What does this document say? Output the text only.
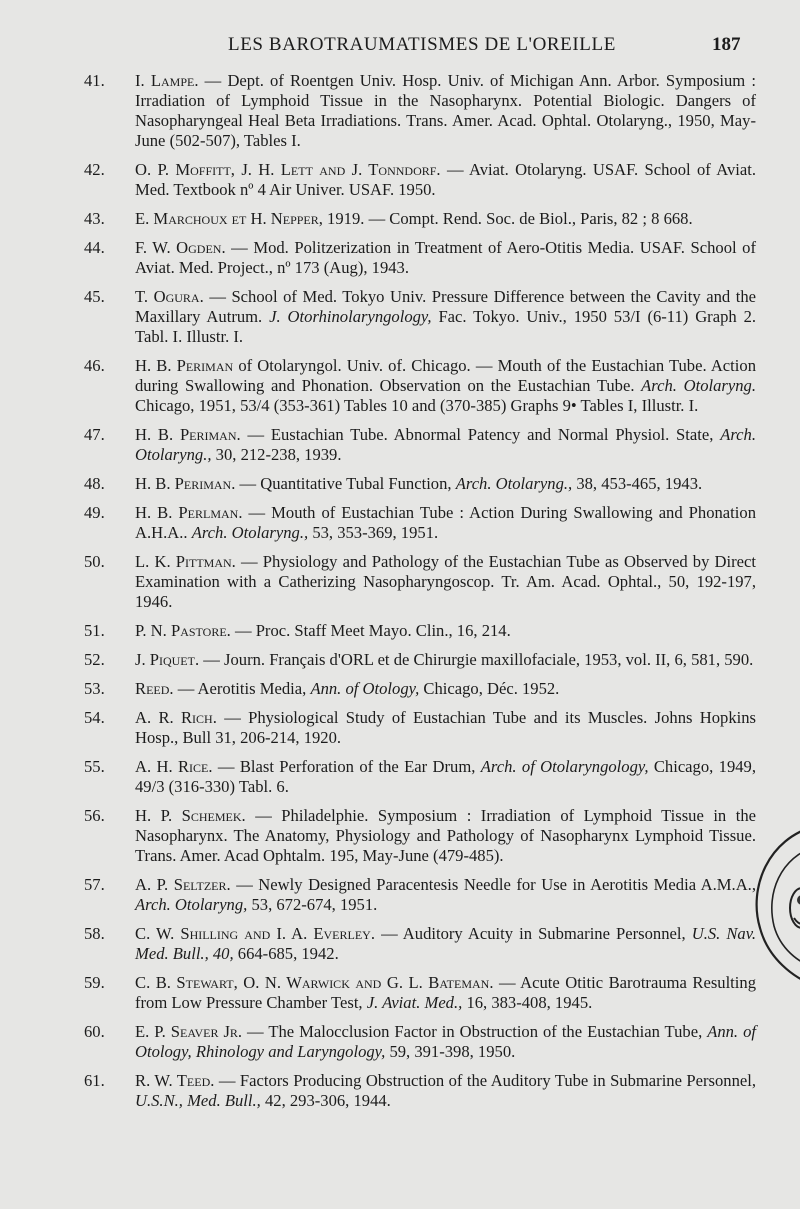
LES BAROTRAUMATISMES DE L'OREILLE	187
41. I. Lampe. — Dept. of Roentgen Univ. Hosp. Univ. of Michigan Ann. Arbor. Symposium : Irradiation of Lymphoid Tissue in the Nasopharynx. Potential Biologic. Dangers of Nasopharyngeal Heal Beta Irradiations. Trans. Amer. Acad. Ophtal. Otolaryng., 1950, May-June (502-507), Tables I.
42. O. P. Moffitt, J. H. Lett and J. Tonndorf. — Aviat. Otolaryng. USAF. School of Aviat. Med. Textbook nº 4 Air Univer. USAF. 1950.
43. E. Marchoux et H. Nepper, 1919. — Compt. Rend. Soc. de Biol., Paris, 82 ; 8 668.
44. F. W. Ogden. — Mod. Politzerization in Treatment of Aero-Otitis Media. USAF. School of Aviat. Med. Project., nº 173 (Aug), 1943.
45. T. Ogura. — School of Med. Tokyo Univ. Pressure Difference between the Cavity and the Maxillary Autrum. J. Otorhinolaryngology, Fac. Tokyo. Univ., 1950 53/I (6-11) Graph 2. Tabl. I. Illustr. I.
46. H. B. Periman of Otolaryngol. Univ. of. Chicago. — Mouth of the Eustachian Tube. Action during Swallowing and Phonation. Observation on the Eustachian Tube. Arch. Otolaryng. Chicago, 1951, 53/4 (353-361) Tables 10 and (370-385) Graphs 9• Tables I, Illustr. I.
47. H. B. Periman. — Eustachian Tube. Abnormal Patency and Normal Physiol. State, Arch. Otolaryng., 30, 212-238, 1939.
48. H. B. Periman. — Quantitative Tubal Function, Arch. Otolaryng., 38, 453-465, 1943.
49. H. B. Perlman. — Mouth of Eustachian Tube : Action During Swallowing and Phonation A.H.A.. Arch. Otolaryng., 53, 353-369, 1951.
50. L. K. Pittman. — Physiology and Pathology of the Eustachian Tube as Observed by Direct Examination with a Catherizing Nasopharyngoscop. Tr. Am. Acad. Ophtal., 50, 192-197, 1946.
51. P. N. Pastore. — Proc. Staff Meet Mayo. Clin., 16, 214.
52. J. Piquet. — Journ. Français d'ORL et de Chirurgie maxillofaciale, 1953, vol. II, 6, 581, 590.
53. Reed. — Aerotitis Media, Ann. of Otology, Chicago, Déc. 1952.
54. A. R. Rich. — Physiological Study of Eustachian Tube and its Muscles. Johns Hopkins Hosp., Bull 31, 206-214, 1920.
55. A. H. Rice. — Blast Perforation of the Ear Drum, Arch. of Otolaryngology, Chicago, 1949, 49/3 (316-330) Tabl. 6.
56. H. P. Schemek. — Philadelphie. Symposium : Irradiation of Lymphoid Tissue in the Nasopharynx. The Anatomy, Physiology and Pathology of Nasopharynx Lymphoid Tissue. Trans. Amer. Acad Ophtalm. 195, May-June (479-485).
57. A. P. Seltzer. — Newly Designed Paracentesis Needle for Use in Aerotitis Media A.M.A., Arch. Otolaryng, 53, 672-674, 1951.
58. C. W. Shilling and I. A. Everley. — Auditory Acuity in Submarine Personnel, U.S. Nav. Med. Bull., 40, 664-685, 1942.
59. C. B. Stewart, O. N. Warwick and G. L. Bateman. — Acute Otitic Barotrauma Resulting from Low Pressure Chamber Test, J. Aviat. Med., 16, 383-408, 1945.
60. E. P. Seaver Jr. — The Malocclusion Factor in Obstruction of the Eustachian Tube, Ann. of Otology, Rhinology and Laryngology, 59, 391-398, 1950.
61. R. W. Teed. — Factors Producing Obstruction of the Auditory Tube in Submarine Personnel, U.S.N., Med. Bull., 42, 293-306, 1944.
